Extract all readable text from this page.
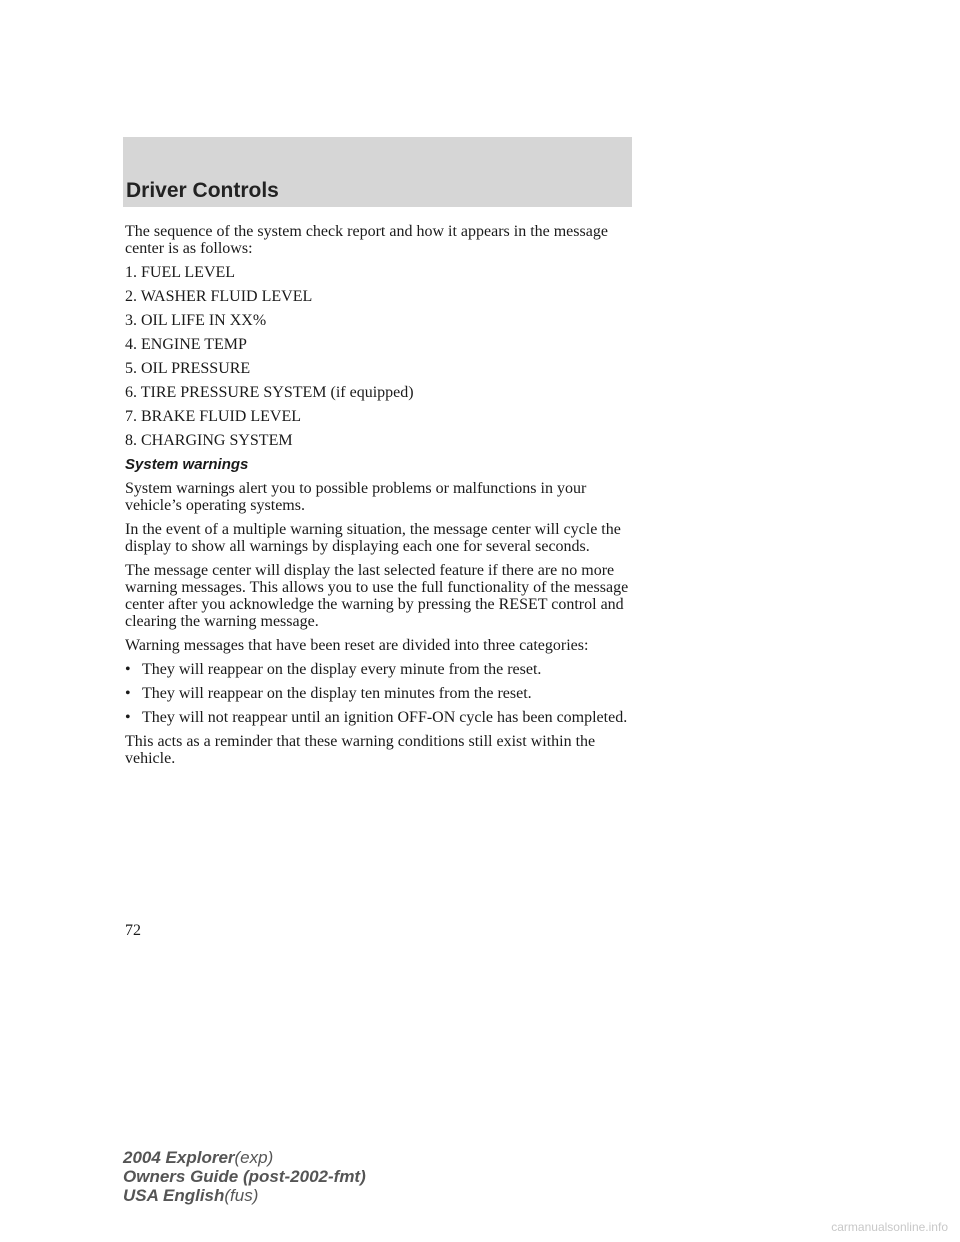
Driver Controls

The sequence of the system check report and how it appears in the message center is as follows:

1. FUEL LEVEL
2. WASHER FLUID LEVEL
3. OIL LIFE IN XX%
4. ENGINE TEMP
5. OIL PRESSURE
6. TIRE PRESSURE SYSTEM (if equipped)
7. BRAKE FLUID LEVEL
8. CHARGING SYSTEM
System warnings

System warnings alert you to possible problems or malfunctions in your vehicle’s operating systems.

In the event of a multiple warning situation, the message center will cycle the display to show all warnings by displaying each one for several seconds.

The message center will display the last selected feature if there are no more warning messages. This allows you to use the full functionality of the message center after you acknowledge the warning by pressing the RESET control and clearing the warning message.

Warning messages that have been reset are divided into three categories:

• They will reappear on the display every minute from the reset.
• They will reappear on the display ten minutes from the reset.
• They will not reappear until an ignition OFF-ON cycle has been completed.

This acts as a reminder that these warning conditions still exist within the vehicle.

72
2004 Explorer(exp)
Owners Guide (post-2002-fmt)
USA English(fus)
carmanualsonline.info
